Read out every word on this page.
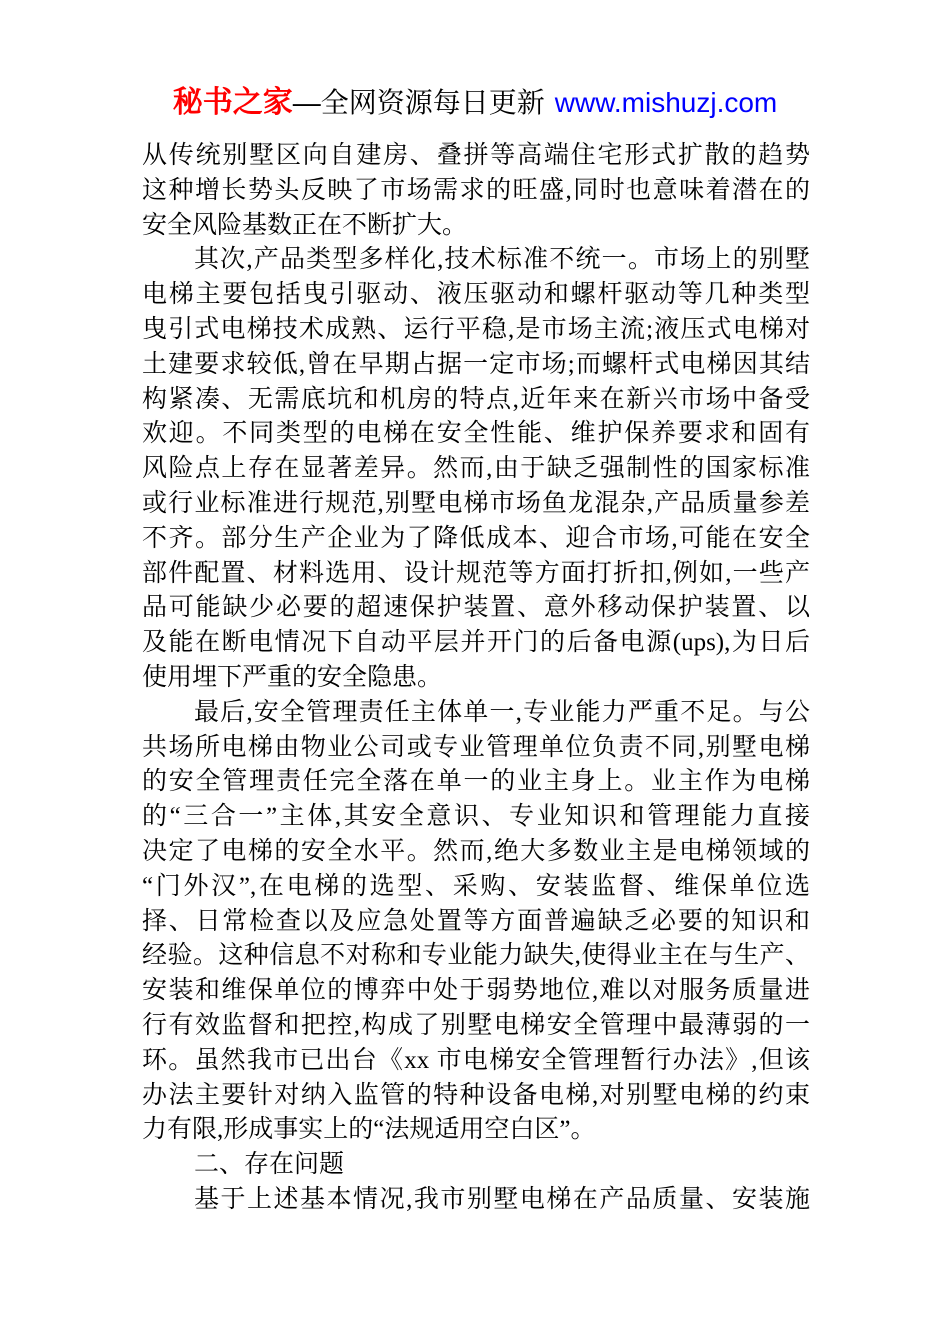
秘书之家—全网资源每日更新 www.mishuzj.com
从传统别墅区向自建房、叠拼等高端住宅形式扩散的趋势
这种增长势头反映了市场需求的旺盛,同时也意味着潜在的
安全风险基数正在不断扩大。
其次,产品类型多样化,技术标准不统一。市场上的别墅
电梯主要包括曳引驱动、液压驱动和螺杆驱动等几种类型
曳引式电梯技术成熟、运行平稳,是市场主流;液压式电梯对
土建要求较低,曾在早期占据一定市场;而螺杆式电梯因其结
构紧凑、无需底坑和机房的特点,近年来在新兴市场中备受
欢迎。不同类型的电梯在安全性能、维护保养要求和固有
风险点上存在显著差异。然而,由于缺乏强制性的国家标准
或行业标准进行规范,别墅电梯市场鱼龙混杂,产品质量参差
不齐。部分生产企业为了降低成本、迎合市场,可能在安全
部件配置、材料选用、设计规范等方面打折扣,例如,一些产
品可能缺少必要的超速保护装置、意外移动保护装置、以
及能在断电情况下自动平层并开门的后备电源(ups),为日后
使用埋下严重的安全隐患。
最后,安全管理责任主体单一,专业能力严重不足。与公
共场所电梯由物业公司或专业管理单位负责不同,别墅电梯
的安全管理责任完全落在单一的业主身上。业主作为电梯
的“三合一”主体,其安全意识、专业知识和管理能力直接
决定了电梯的安全水平。然而,绝大多数业主是电梯领域的
“门外汉”,在电梯的选型、采购、安装监督、维保单位选
择、日常检查以及应急处置等方面普遍缺乏必要的知识和
经验。这种信息不对称和专业能力缺失,使得业主在与生产、
安装和维保单位的博弈中处于弱势地位,难以对服务质量进
行有效监督和把控,构成了别墅电梯安全管理中最薄弱的一
环。虽然我市已出台《xx 市电梯安全管理暂行办法》,但该
办法主要针对纳入监管的特种设备电梯,对别墅电梯的约束
力有限,形成事实上的“法规适用空白区”。
二、存在问题
基于上述基本情况,我市别墅电梯在产品质量、安装施
